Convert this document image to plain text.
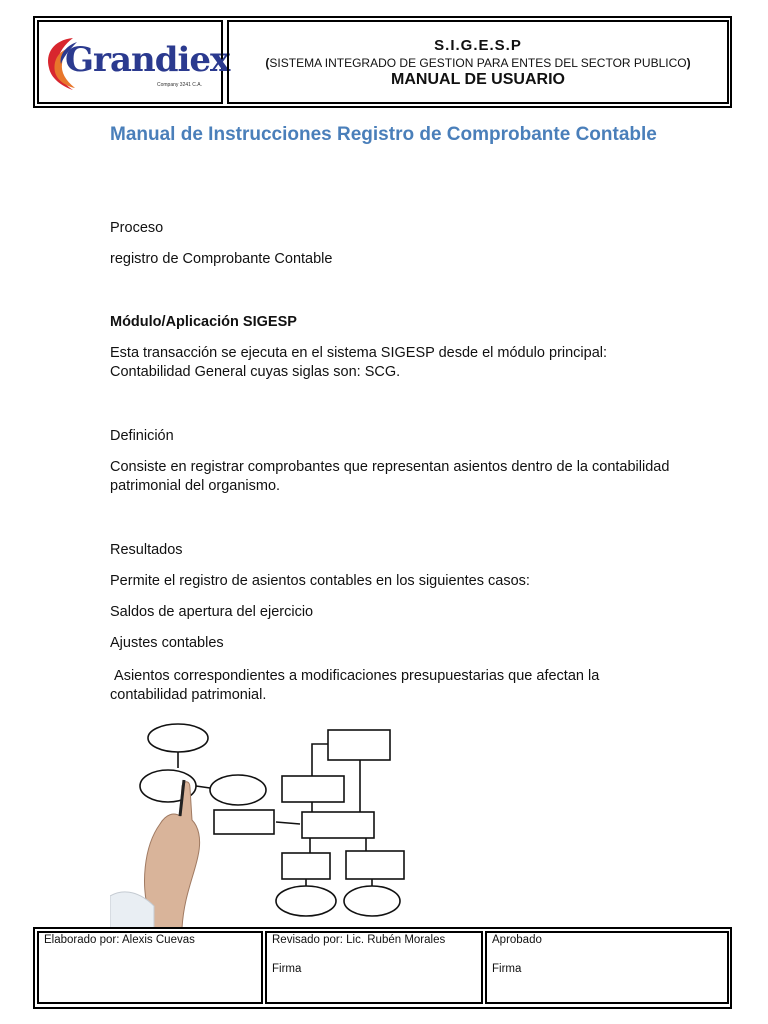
Grandiex
Company 3241 C.A.
S.I.G.E.S.P
(SISTEMA INTEGRADO DE GESTION PARA ENTES DEL SECTOR PUBLICO)
MANUAL DE USUARIO
Manual de Instrucciones Registro de Comprobante Contable
Proceso
registro de Comprobante Contable
Módulo/Aplicación SIGESP
Esta transacción se ejecuta en el sistema SIGESP desde el módulo principal: Contabilidad General cuyas siglas son: SCG.
Definición
Consiste en registrar comprobantes que representan asientos dentro de la contabilidad patrimonial del organismo.
Resultados
Permite el registro de asientos contables en los siguientes casos:
Saldos de apertura del ejercicio
Ajustes contables
Asientos correspondientes a modificaciones presupuestarias que afectan la contabilidad patrimonial.
Elaborado por: Alexis Cuevas	Revisado por: Lic. Rubén Morales
Firma
Aprobado
Firma
